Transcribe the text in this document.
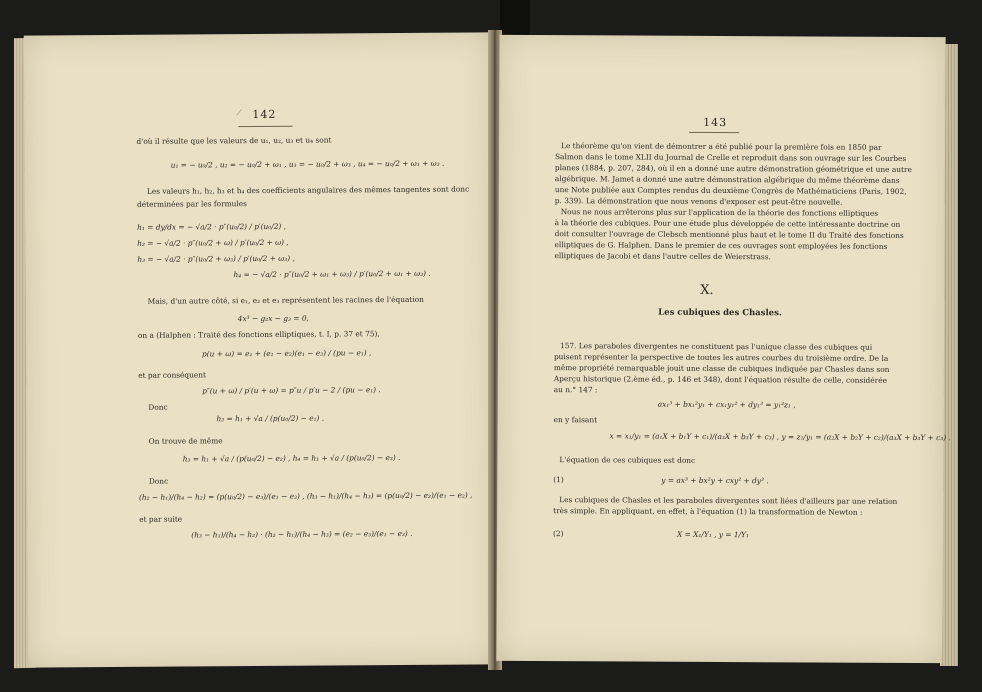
⟋ 142
d'où il résulte que les valeurs de u₁, u₂, u₃ et u₄ sont
u₁ = − u₀/2 , u₂ = − u₀/2 + ω₁ , u₃ = − u₀/2 + ω₃ , u₄ = − u₀/2 + ω₁ + ω₃ .
Les valeurs h₁, h₂, h₃ et h₄ des coefficients angulaires des mêmes tangentes sont donc
déterminées par les formules
h₁ = dy/dx = − √a/2 · p″(u₀/2) / p′(u₀/2) ,
h₂ = − √a/2 · p″(u₀/2 + ω) / p′(u₀/2 + ω) ,
h₃ = − √a/2 · p″(u₀/2 + ω₃) / p′(u₀/2 + ω₃) ,
h₄ = − √a/2 · p″(u₀/2 + ω₁ + ω₃) / p′(u₀/2 + ω₁ + ω₃) .
Mais, d'un autre côté, si e₁, e₂ et e₃ représentent les racines de l'équation
4x³ − g₂x − g₃ = 0,
on a (Halphen : Traité des fonctions elliptiques, t. I, p. 37 et 75),
p(u + ω) = e₁ + (e₁ − e₂)(e₁ − e₃) / (pu − e₁) ,
et par conséquent
p″(u + ω) / p′(u + ω) = p″u / p′u − 2 / (pu − e₁) .
Donc
h₂ = h₁ + √a / (p(u₀/2) − e₁) .
On trouve de même
h₃ = h₁ + √a / (p(u₀/2) − e₂) , h₄ = h₁ + √a / (p(u₀/2) − e₃) .
Donc
(h₂ − h₁)/(h₄ − h₂) = (p(u₀/2) − e₃)/(e₁ − e₃) , (h₃ − h₁)/(h₄ − h₃) = (p(u₀/2) − e₂)/(e₁ − e₂) ,
et par suite
(h₃ − h₁)/(h₄ − h₂) · (h₂ − h₁)/(h₄ − h₃) = (e₂ − e₃)/(e₁ − e₃) .
143
Le théorème qu'on vient de démontrer a été publié pour la première fois en 1850 par
Salmon dans le tome XLII du Journal de Crelle et reproduit dans son ouvrage sur les Courbes
planes (1884, p. 207, 284), où il en a donné une autre démonstration géométrique et une autre
algébrique. M. Jamet a donné une autre démonstration algébrique du même théorème dans
une Note publiée aux Comptes rendus du deuxième Congrès de Mathématiciens (Paris, 1902,
p. 339). La démonstration que nous venons d'exposer est peut-être nouvelle.
Nous ne nous arrêterons plus sur l'application de la théorie des fonctions elliptiques
à la théorie des cubiques. Pour une étude plus développée de cette intéressante doctrine on
doit consulter l'ouvrage de Clebsch mentionné plus haut et le tome II du Traité des fonctions
elliptiques de G. Halphen. Dans le premier de ces ouvrages sont employées les fonctions
elliptiques de Jacobi et dans l'autre celles de Weierstrass.
X.
Les cubiques des Chasles.
157. Les paraboles divergentes ne constituent pas l'unique classe des cubiques qui
puisent représenter la perspective de toutes les autres courbes du troisième ordre. De la
même propriété remarquable jouit une classe de cubiques indiquée par Chasles dans son
Aperçu historique (2.ème éd., p. 146 et 348), dont l'équation résulte de celle, considérée
au n.° 147 :
ax₁³ + bx₁²y₁ + cx₁y₁² + dy₁³ = y₁²z₁ ,
en y faisant
x = x₁/y₁ = (a₁X + b₁Y + c₁)/(a₃X + b₃Y + c₃) , y = z₁/y₁ = (a₂X + b₂Y + c₂)/(a₃X + b₃Y + c₃) .
L'équation de ces cubiques est donc
(1)	y = ax³ + bx²y + cxy² + dy³ .
Les cubiques de Chasles et les paraboles divergentes sont liées d'ailleurs par une relation
très simple. En appliquant, en effet, à l'équation (1) la transformation de Newton :
(2)	X = X₁/Y₁ , y = 1/Y₁
